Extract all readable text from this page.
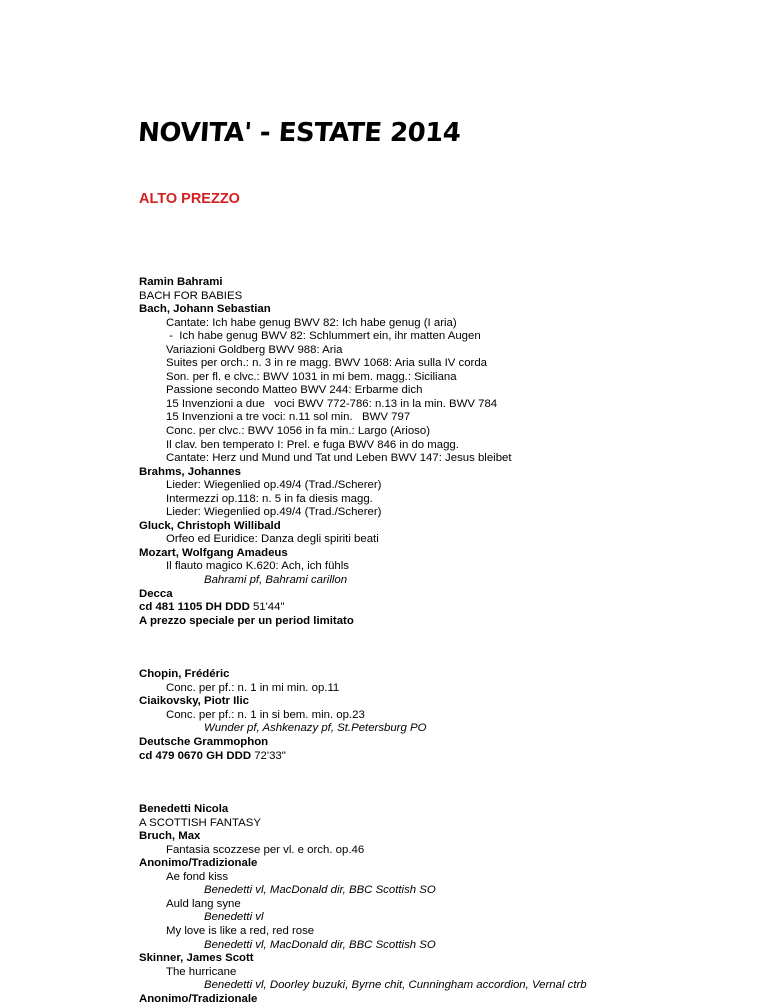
NOVITA' - ESTATE 2014
ALTO PREZZO
Ramin Bahrami
BACH FOR BABIES
Bach, Johann Sebastian
Cantate: Ich habe genug BWV 82: Ich habe genug (I aria)
-  Ich habe genug BWV 82: Schlummert ein, ihr matten Augen
Variazioni Goldberg BWV 988: Aria
Suites per orch.: n. 3 in re magg. BWV 1068: Aria sulla IV corda
Son. per fl. e clvc.: BWV 1031 in mi bem. magg.: Siciliana
Passione secondo Matteo BWV 244: Erbarme dich
15 Invenzioni a due   voci BWV 772-786: n.13 in la min. BWV 784
15 Invenzioni a tre voci: n.11 sol min.   BWV 797
Conc. per clvc.: BWV 1056 in fa min.: Largo (Arioso)
Il clav. ben temperato I: Prel. e fuga BWV 846 in do magg.
Cantate: Herz und Mund und Tat und Leben BWV 147: Jesus bleibet
Brahms, Johannes
Lieder: Wiegenlied op.49/4 (Trad./Scherer)
Intermezzi op.118: n. 5 in fa diesis magg.
Lieder: Wiegenlied op.49/4 (Trad./Scherer)
Gluck, Christoph Willibald
Orfeo ed Euridice: Danza degli spiriti beati
Mozart, Wolfgang Amadeus
Il flauto magico K.620: Ach, ich fühls
Bahrami pf, Bahrami carillon
Decca
cd 481 1105 DH DDD 51'44"
A prezzo speciale per un period limitato
Chopin, Frédéric
Conc. per pf.: n. 1 in mi min. op.11
Ciaikovsky, Piotr Ilic
Conc. per pf.: n. 1 in si bem. min. op.23
Wunder pf, Ashkenazy pf, St.Petersburg PO
Deutsche Grammophon
cd 479 0670 GH DDD 72'33"
Benedetti Nicola
A SCOTTISH FANTASY
Bruch, Max
Fantasia scozzese per vl. e orch. op.46
Anonimo/Tradizionale
Ae fond kiss
Benedetti vl, MacDonald dir, BBC Scottish SO
Auld lang syne
Benedetti vl
My love is like a red, red rose
Benedetti vl, MacDonald dir, BBC Scottish SO
Skinner, James Scott
The hurricane
Benedetti vl, Doorley buzuki, Byrne chit, Cunningham accordion, Vernal ctrb
Anonimo/Tradizionale
